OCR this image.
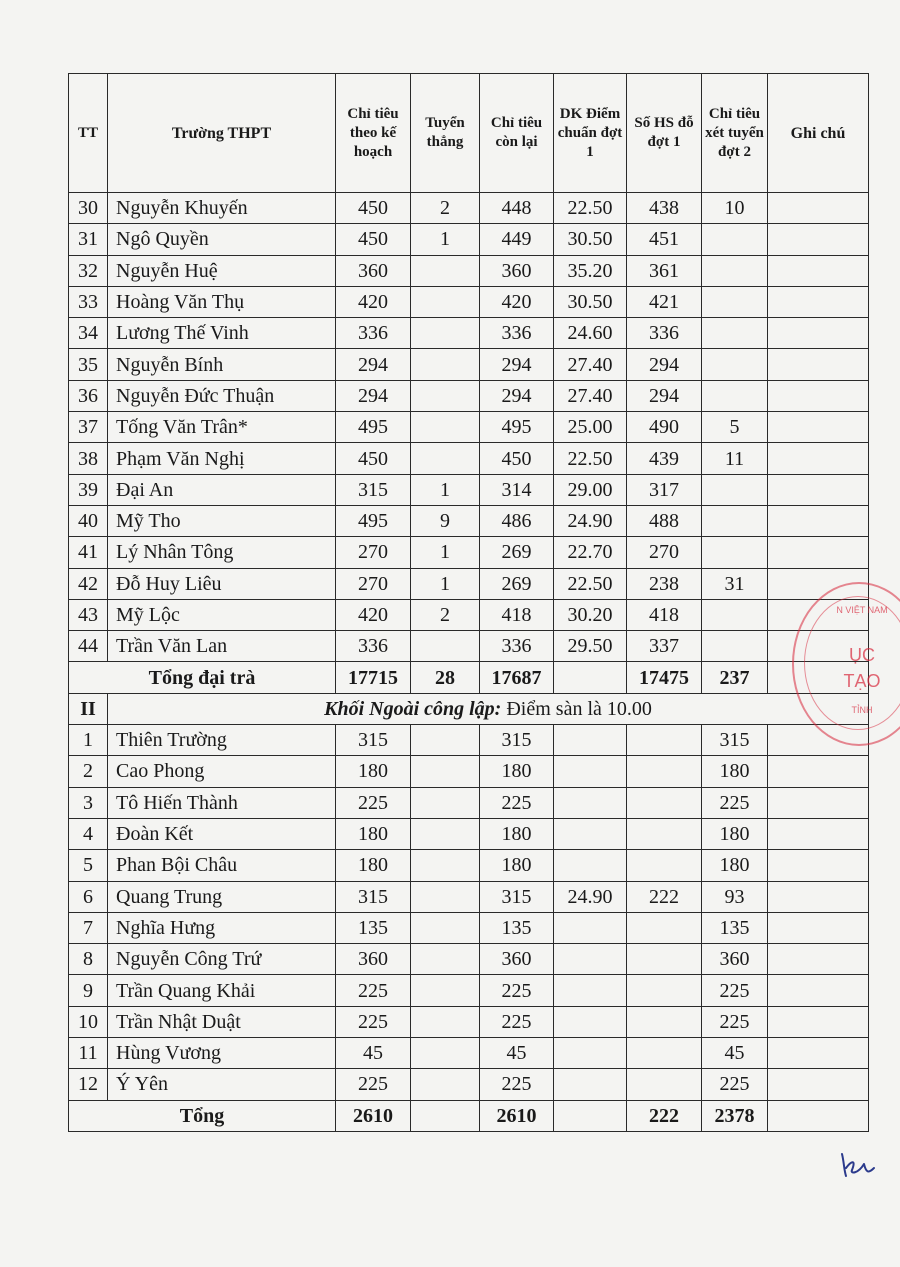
TT	Trường THPT	Chỉ tiêu theo kế hoạch	Tuyển thẳng	Chỉ tiêu còn lại	DK Điểm chuẩn đợt 1	Số HS đỗ đợt 1	Chỉ tiêu xét tuyển đợt 2	Ghi chú
30	Nguyễn Khuyến	450	2	448	22.50	438	10	
31	Ngô Quyền	450	1	449	30.50	451		
32	Nguyễn Huệ	360		360	35.20	361		
33	Hoàng Văn Thụ	420		420	30.50	421		
34	Lương Thế Vinh	336		336	24.60	336		
35	Nguyễn Bính	294		294	27.40	294		
36	Nguyễn Đức Thuận	294		294	27.40	294		
37	Tống Văn Trân*	495		495	25.00	490	5	
38	Phạm Văn Nghị	450		450	22.50	439	11	
39	Đại An	315	1	314	29.00	317		
40	Mỹ Tho	495	9	486	24.90	488		
41	Lý Nhân Tông	270	1	269	22.70	270		
42	Đỗ Huy Liêu	270	1	269	22.50	238	31	
43	Mỹ Lộc	420	2	418	30.20	418		
44	Trần Văn Lan	336		336	29.50	337		
Tổng đại trà		17715	28	17687		17475	237	
II	Khối Ngoài công lập: Điểm sàn là 10.00							
1	Thiên Trường	315		315			315	
2	Cao Phong	180		180			180	
3	Tô Hiến Thành	225		225			225	
4	Đoàn Kết	180		180			180	
5	Phan Bội Châu	180		180			180	
6	Quang Trung	315		315	24.90	222	93	
7	Nghĩa Hưng	135		135			135	
8	Nguyễn Công Trứ	360		360			360	
9	Trần Quang Khải	225		225			225	
10	Trần Nhật Duật	225		225			225	
11	Hùng Vương	45		45			45	
12	Ý Yên	225		225			225	
Tổng		2610		2610		222	2378	
N VIỆT NAM
ỤC
TẠO
TỈNH
